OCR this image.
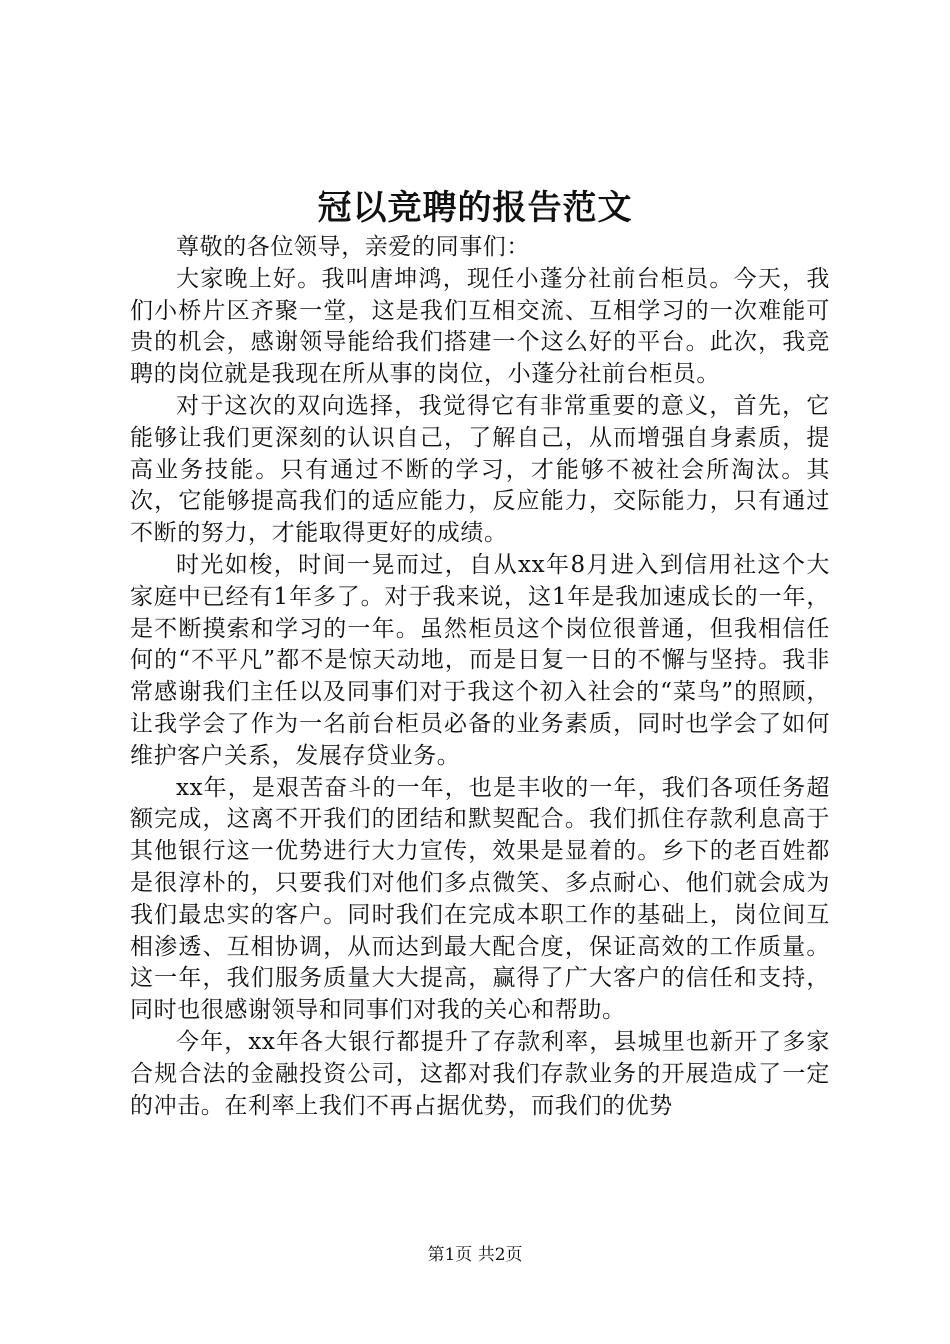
冠以竞聘的报告范文

尊敬的各位领导，亲爱的同事们：

大家晚上好。我叫唐坤鸿，现任小蓬分社前台柜员。今天，我们小桥片区齐聚一堂，这是我们互相交流、互相学习的一次难能可贵的机会，感谢领导能给我们搭建一个这么好的平台。此次，我竞聘的岗位就是我现在所从事的岗位，小蓬分社前台柜员。

对于这次的双向选择，我觉得它有非常重要的意义，首先，它能够让我们更深刻的认识自己，了解自己，从而增强自身素质，提高业务技能。只有通过不断的学习，才能够不被社会所淘汰。其次，它能够提高我们的适应能力，反应能力，交际能力，只有通过不断的努力，才能取得更好的成绩。

时光如梭，时间一晃而过，自从xx年8月进入到信用社这个大家庭中已经有1年多了。对于我来说，这1年是我加速成长的一年，是不断摸索和学习的一年。虽然柜员这个岗位很普通，但我相信任何的“不平凡”都不是惊天动地，而是日复一日的不懈与坚持。我非常感谢我们主任以及同事们对于我这个初入社会的“菜鸟”的照顾，让我学会了作为一名前台柜员必备的业务素质，同时也学会了如何维护客户关系，发展存贷业务。

xx年，是艰苦奋斗的一年，也是丰收的一年，我们各项任务超额完成，这离不开我们的团结和默契配合。我们抓住存款利息高于其他银行这一优势进行大力宣传，效果是显着的。乡下的老百姓都是很淳朴的，只要我们对他们多点微笑、多点耐心、他们就会成为我们最忠实的客户。同时我们在完成本职工作的基础上，岗位间互相渗透、互相协调，从而达到最大配合度，保证高效的工作质量。这一年，我们服务质量大大提高，赢得了广大客户的信任和支持，同时也很感谢领导和同事们对我的关心和帮助。

今年，xx年各大银行都提升了存款利率，县城里也新开了多家合规合法的金融投资公司，这都对我们存款业务的开展造成了一定的冲击。在利率上我们不再占据优势，而我们的优势

第1页 共2页
